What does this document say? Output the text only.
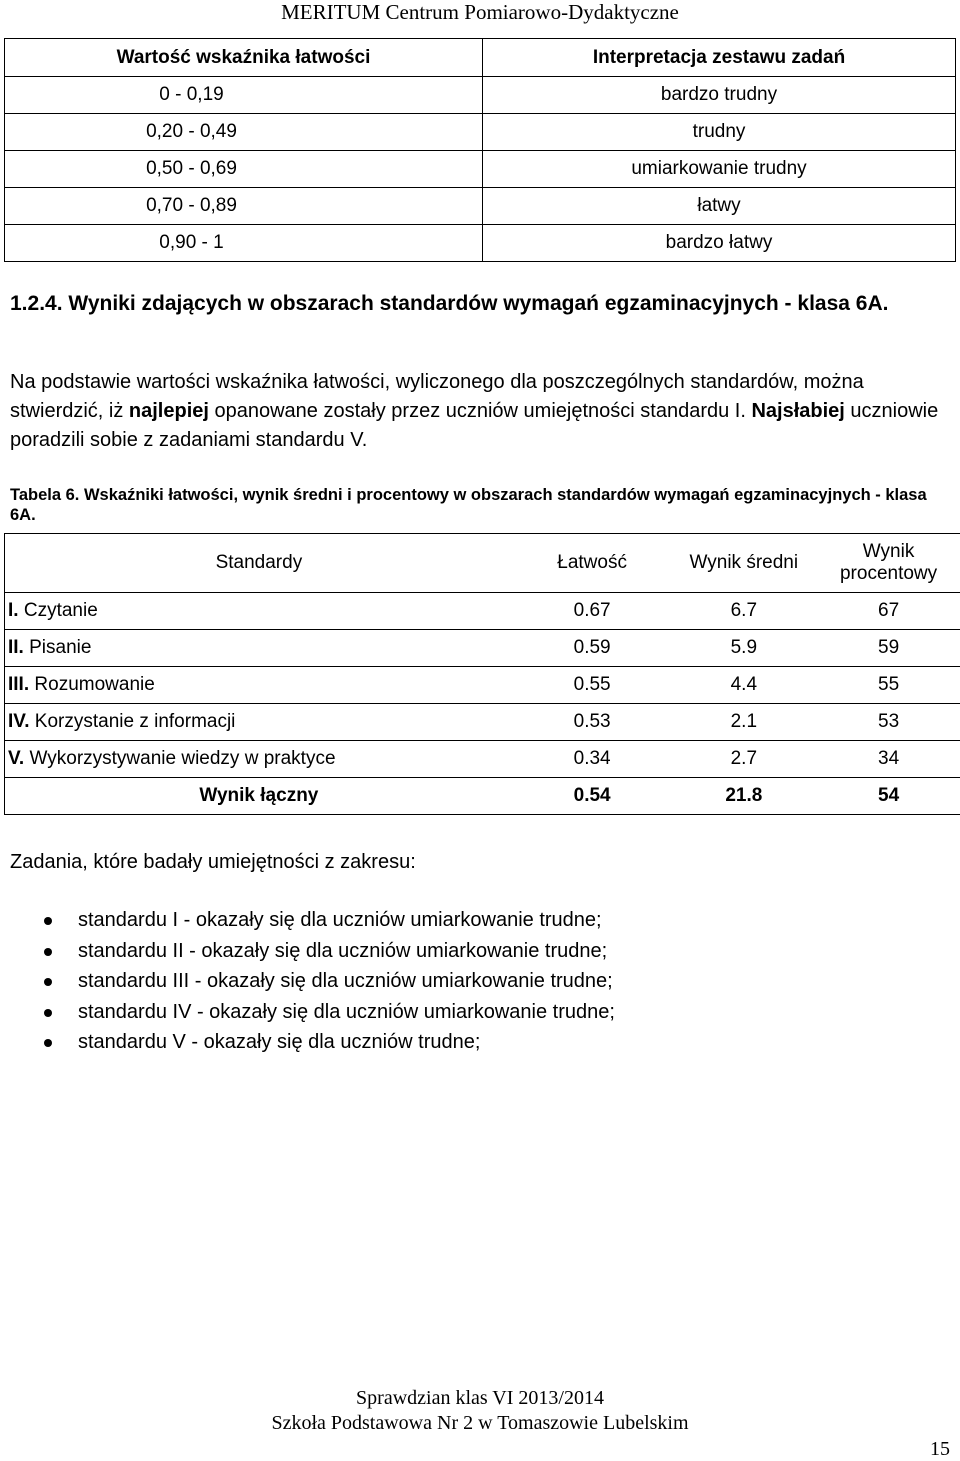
MERITUM Centrum Pomiarowo-Dydaktyczne
Wartość wskaźnika łatwości	Interpretacja zestawu zadań
0 - 0,19	bardzo trudny
0,20 - 0,49	trudny
0,50 - 0,69	umiarkowanie trudny
0,70 - 0,89	łatwy
0,90 - 1	bardzo łatwy
1.2.4. Wyniki zdających w obszarach standardów wymagań egzaminacyjnych - klasa 6A.
Na podstawie wartości wskaźnika łatwości, wyliczonego dla poszczególnych standardów, można stwierdzić, iż najlepiej opanowane zostały przez uczniów umiejętności standardu I. Najsłabiej uczniowie poradzili sobie z zadaniami standardu V.
Tabela 6. Wskaźniki łatwości, wynik średni i procentowy w obszarach standardów wymagań egzaminacyjnych - klasa 6A.
Standardy	Łatwość	Wynik średni	Wynik procentowy
I. Czytanie	0.67	6.7	67
II. Pisanie	0.59	5.9	59
III. Rozumowanie	0.55	4.4	55
IV. Korzystanie z informacji	0.53	2.1	53
V. Wykorzystywanie wiedzy w praktyce	0.34	2.7	34
Wynik łączny	0.54	21.8	54
Zadania, które badały umiejętności z zakresu:
standardu I - okazały się dla uczniów umiarkowanie trudne;
standardu II - okazały się dla uczniów umiarkowanie trudne;
standardu III - okazały się dla uczniów umiarkowanie trudne;
standardu IV - okazały się dla uczniów umiarkowanie trudne;
standardu V - okazały się dla uczniów trudne;
Sprawdzian klas VI 2013/2014
Szkoła Podstawowa Nr 2 w Tomaszowie Lubelskim
15
